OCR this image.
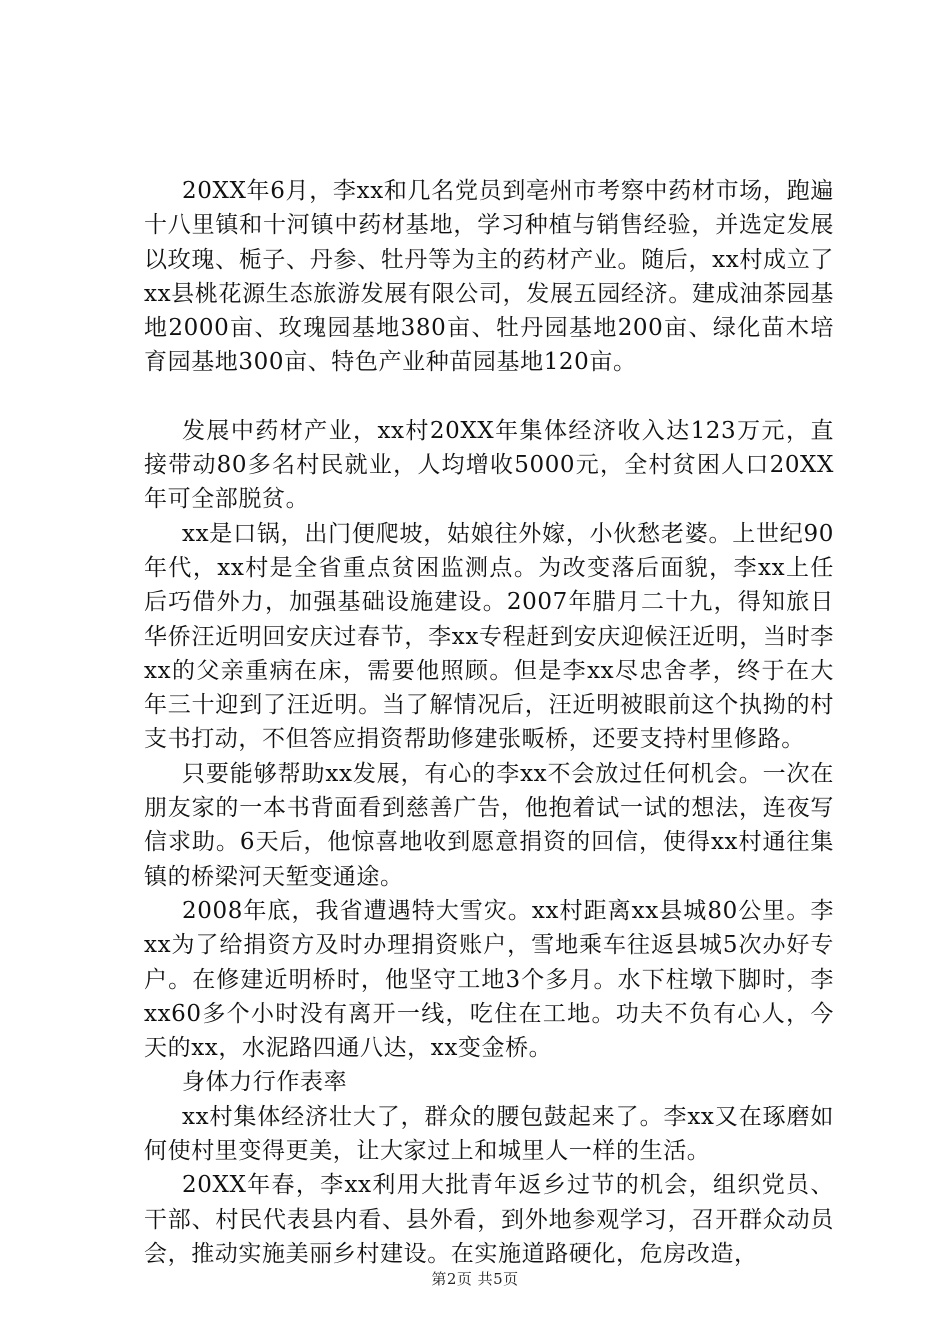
20XX年6月，李xx和几名党员到亳州市考察中药材市场，跑遍十八里镇和十河镇中药材基地，学习种植与销售经验，并选定发展以玫瑰、栀子、丹参、牡丹等为主的药材产业。随后，xx村成立了xx县桃花源生态旅游发展有限公司，发展五园经济。建成油茶园基地2000亩、玫瑰园基地380亩、牡丹园基地200亩、绿化苗木培育园基地300亩、特色产业种苗园基地120亩。

发展中药材产业，xx村20XX年集体经济收入达123万元，直接带动80多名村民就业，人均增收5000元，全村贫困人口20XX年可全部脱贫。

xx是口锅，出门便爬坡，姑娘往外嫁，小伙愁老婆。上世纪90年代，xx村是全省重点贫困监测点。为改变落后面貌，李xx上任后巧借外力，加强基础设施建设。2007年腊月二十九，得知旅日华侨汪近明回安庆过春节，李xx专程赶到安庆迎候汪近明，当时李xx的父亲重病在床，需要他照顾。但是李xx尽忠舍孝，终于在大年三十迎到了汪近明。当了解情况后，汪近明被眼前这个执拗的村支书打动，不但答应捐资帮助修建张畈桥，还要支持村里修路。

只要能够帮助xx发展，有心的李xx不会放过任何机会。一次在朋友家的一本书背面看到慈善广告，他抱着试一试的想法，连夜写信求助。6天后，他惊喜地收到愿意捐资的回信，使得xx村通往集镇的桥梁河天堑变通途。

2008年底，我省遭遇特大雪灾。xx村距离xx县城80公里。李xx为了给捐资方及时办理捐资账户，雪地乘车往返县城5次办好专户。在修建近明桥时，他坚守工地3个多月。水下柱墩下脚时，李xx60多个小时没有离开一线，吃住在工地。功夫不负有心人，今天的xx，水泥路四通八达，xx变金桥。

身体力行作表率

xx村集体经济壮大了，群众的腰包鼓起来了。李xx又在琢磨如何使村里变得更美，让大家过上和城里人一样的生活。

20XX年春，李xx利用大批青年返乡过节的机会，组织党员、干部、村民代表县内看、县外看，到外地参观学习，召开群众动员会，推动实施美丽乡村建设。在实施道路硬化，危房改造，

第2页 共5页
